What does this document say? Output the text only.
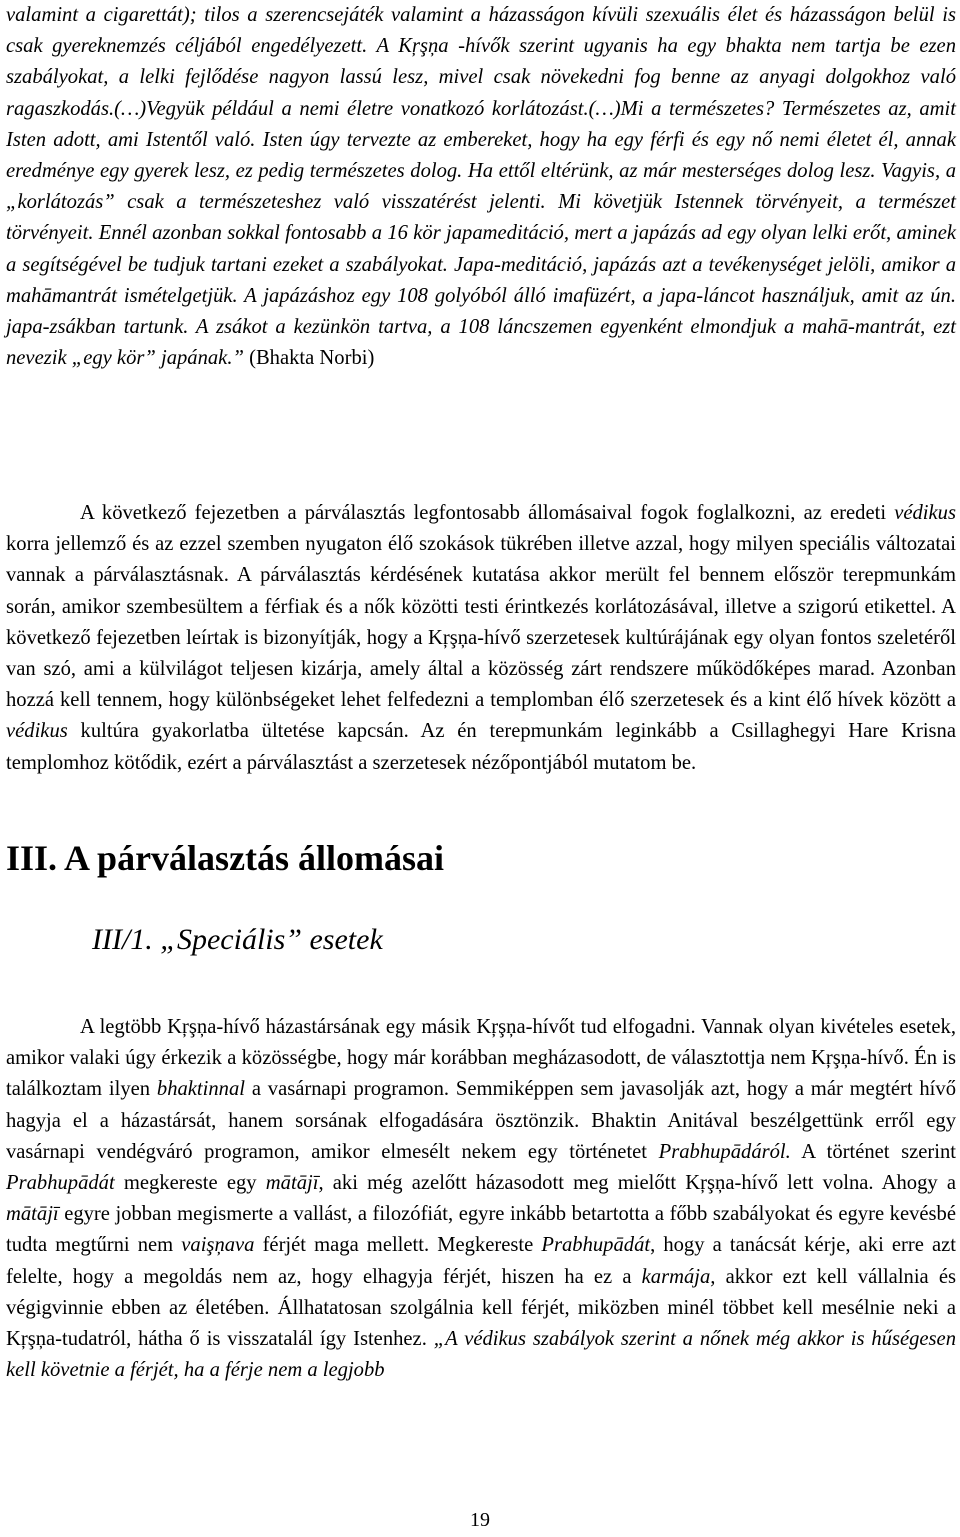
valamint a cigarettát); tilos a szerencsejáték valamint a házasságon kívüli szexuális élet és házasságon belül is csak gyereknemzés céljából engedélyezett. A Kŗşņa -hívők szerint ugyanis ha egy bhakta nem tartja be ezen szabályokat, a lelki fejlődése nagyon lassú lesz, mivel csak növekedni fog benne az anyagi dolgokhoz való ragaszkodás.(…)Vegyük például a nemi életre vonatkozó korlátozást.(…)Mi a természetes? Természetes az, amit Isten adott, ami Istentől való. Isten úgy tervezte az embereket, hogy ha egy férfi és egy nő nemi életet él, annak eredménye egy gyerek lesz, ez pedig természetes dolog. Ha ettől eltérünk, az már mesterséges dolog lesz. Vagyis, a „korlátozás” csak a természeteshez való visszatérést jelenti. Mi követjük Istennek törvényeit, a természet törvényeit. Ennél azonban sokkal fontosabb a 16 kör japameditáció, mert a japázás ad egy olyan lelki erőt, aminek a segítségével be tudjuk tartani ezeket a szabályokat. Japa-meditáció, japázás azt a tevékenységet jelöli, amikor a mahāmantrát ismételgetjük. A japázáshoz egy 108 golyóból álló imafüzért, a japa-láncot használjuk, amit az ún. japa-zsákban tartunk. A zsákot a kezünkön tartva, a 108 láncszemen egyenként elmondjuk a mahā-mantrát, ezt nevezik „egy kör” japának.” (Bhakta Norbi)

A következő fejezetben a párválasztás legfontosabb állomásaival fogok foglalkozni, az eredeti védikus korra jellemző és az ezzel szemben nyugaton élő szokások tükrében illetve azzal, hogy milyen speciális változatai vannak a párválasztásnak. A párválasztás kérdésének kutatása akkor merült fel bennem először terepmunkám során, amikor szembesültem a férfiak és a nők közötti testi érintkezés korlátozásával, illetve a szigorú etikettel. A következő fejezetben leírtak is bizonyítják, hogy a Kŗşņa-hívő szerzetesek kultúrájának egy olyan fontos szeletéről van szó, ami a külvilágot teljesen kizárja, amely által a közösség zárt rendszere működőképes marad. Azonban hozzá kell tennem, hogy különbségeket lehet felfedezni a templomban élő szerzetesek és a kint élő hívek között a védikus kultúra gyakorlatba ültetése kapcsán. Az én terepmunkám leginkább a Csillaghegyi Hare Krisna templomhoz kötődik, ezért a párválasztást a szerzetesek nézőpontjából mutatom be.

III. A párválasztás állomásai
III/1. „Speciális” esetek

A legtöbb Kŗşņa-hívő házastársának egy másik Kŗşņa-hívőt tud elfogadni. Vannak olyan kivételes esetek, amikor valaki úgy érkezik a közösségbe, hogy már korábban megházasodott, de választottja nem Kŗşņa-hívő. Én is találkoztam ilyen bhaktinnal a vasárnapi programon. Semmiképpen sem javasolják azt, hogy a már megtért hívő hagyja el a házastársát, hanem sorsának elfogadására ösztönzik. Bhaktin Anitával beszélgettünk erről egy vasárnapi vendégváró programon, amikor elmesélt nekem egy történetet Prabhupādáról. A történet szerint Prabhupādát megkereste egy mātājī, aki még azelőtt házasodott meg mielőtt Kŗşņa-hívő lett volna. Ahogy a mātājī egyre jobban megismerte a vallást, a filozófiát, egyre inkább betartotta a főbb szabályokat és egyre kevésbé tudta megtűrni nem vaişņava férjét maga mellett. Megkereste Prabhupādát, hogy a tanácsát kérje, aki erre azt felelte, hogy a megoldás nem az, hogy elhagyja férjét, hiszen ha ez a karmája, akkor ezt kell vállalnia és végigvinnie ebben az életében. Állhatatosan szolgálnia kell férjét, miközben minél többet kell mesélnie neki a Kŗşņa-tudatról, hátha ő is visszatalál így Istenhez. „A védikus szabályok szerint a nőnek még akkor is hűségesen kell követnie a férjét, ha a férje nem a legjobb

19
